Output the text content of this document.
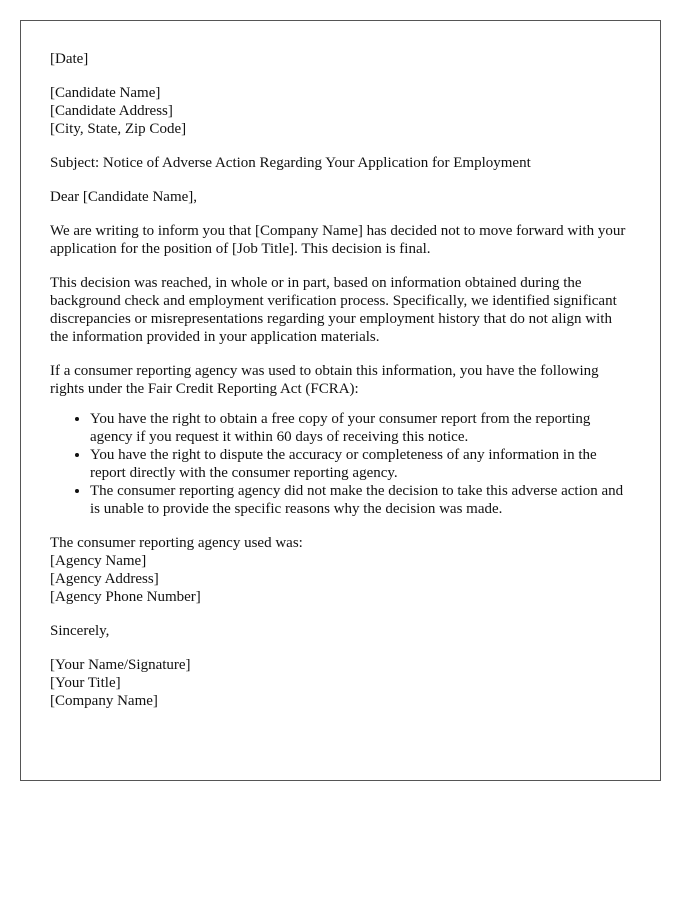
[Date]

[Candidate Name]
[Candidate Address]
[City, State, Zip Code]

Subject: Notice of Adverse Action Regarding Your Application for Employment

Dear [Candidate Name],

We are writing to inform you that [Company Name] has decided not to move forward with your application for the position of [Job Title]. This decision is final.

This decision was reached, in whole or in part, based on information obtained during the background check and employment verification process. Specifically, we identified significant discrepancies or misrepresentations regarding your employment history that do not align with the information provided in your application materials.

If a consumer reporting agency was used to obtain this information, you have the following rights under the Fair Credit Reporting Act (FCRA):

• You have the right to obtain a free copy of your consumer report from the reporting agency if you request it within 60 days of receiving this notice.
• You have the right to dispute the accuracy or completeness of any information in the report directly with the consumer reporting agency.
• The consumer reporting agency did not make the decision to take this adverse action and is unable to provide the specific reasons why the decision was made.

The consumer reporting agency used was:
[Agency Name]
[Agency Address]
[Agency Phone Number]

Sincerely,

[Your Name/Signature]
[Your Title]
[Company Name]
